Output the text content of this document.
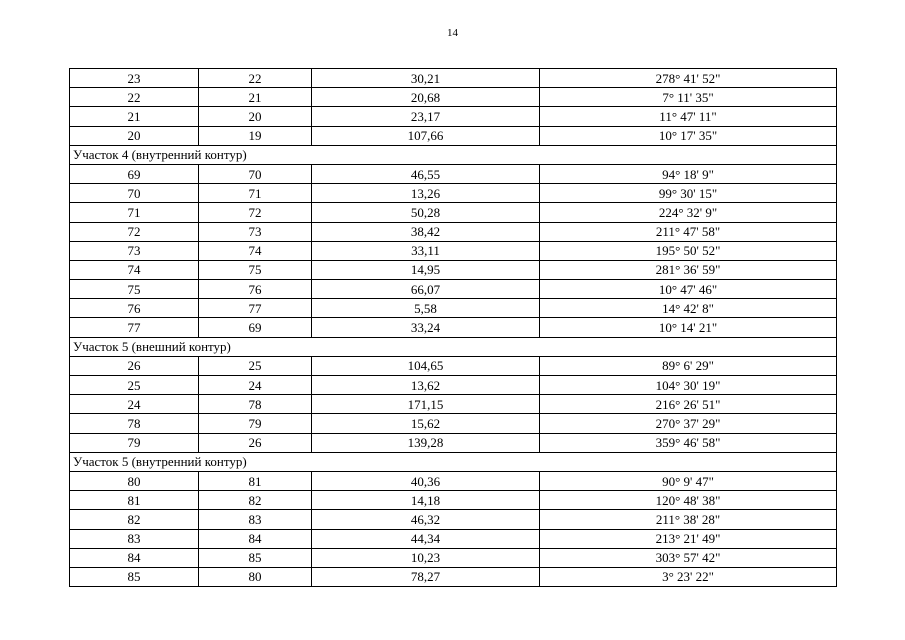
14
23	22	30,21	278° 41' 52"
22	21	20,68	7° 11' 35"
21	20	23,17	11° 47' 11"
20	19	107,66	10° 17' 35"
Участок 4 (внутренний контур)			
69	70	46,55	94° 18' 9"
70	71	13,26	99° 30' 15"
71	72	50,28	224° 32' 9"
72	73	38,42	211° 47' 58"
73	74	33,11	195° 50' 52"
74	75	14,95	281° 36' 59"
75	76	66,07	10° 47' 46"
76	77	5,58	14° 42' 8"
77	69	33,24	10° 14' 21"
Участок 5 (внешний контур)			
26	25	104,65	89° 6' 29"
25	24	13,62	104° 30' 19"
24	78	171,15	216° 26' 51"
78	79	15,62	270° 37' 29"
79	26	139,28	359° 46' 58"
Участок 5 (внутренний контур)			
80	81	40,36	90° 9' 47"
81	82	14,18	120° 48' 38"
82	83	46,32	211° 38' 28"
83	84	44,34	213° 21' 49"
84	85	10,23	303° 57' 42"
85	80	78,27	3° 23' 22"
